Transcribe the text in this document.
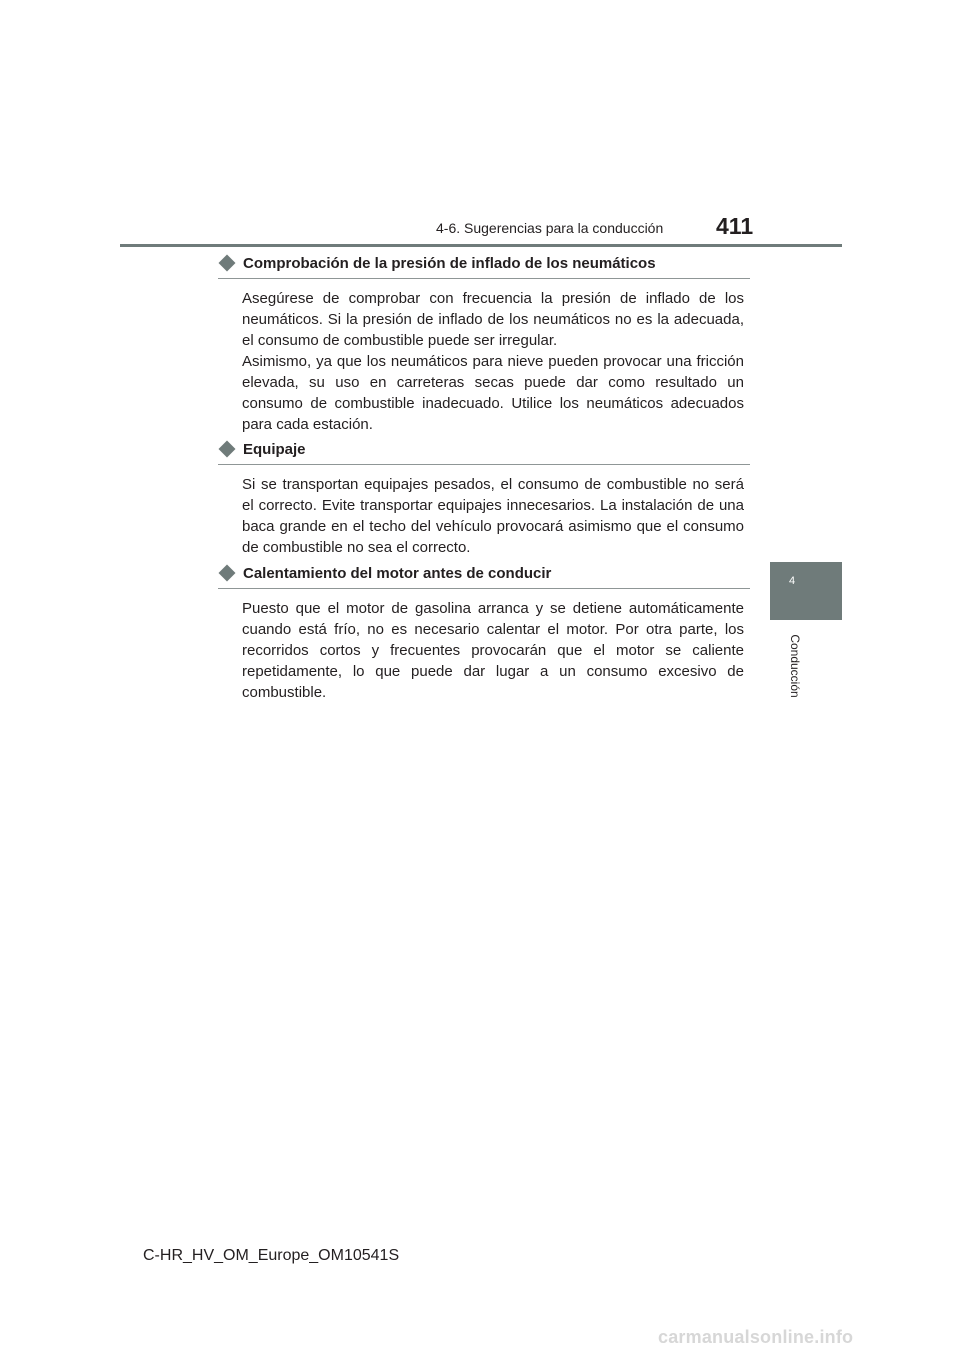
4-6. Sugerencias para la conducción 411
4
Conducción
Comprobación de la presión de inflado de los neumáticos
Asegúrese de comprobar con frecuencia la presión de inflado de los neumáticos. Si la presión de inflado de los neumáticos no es la adecuada, el consumo de combustible puede ser irregular.
Asimismo, ya que los neumáticos para nieve pueden provocar una fricción elevada, su uso en carreteras secas puede dar como resultado un consumo de combustible inadecuado. Utilice los neumáticos adecuados para cada estación.
Equipaje
Si se transportan equipajes pesados, el consumo de combustible no será el correcto. Evite transportar equipajes innecesarios. La instalación de una baca grande en el techo del vehículo provocará asimismo que el consumo de combustible no sea el correcto.
Calentamiento del motor antes de conducir
Puesto que el motor de gasolina arranca y se detiene automáticamente cuando está frío, no es necesario calentar el motor. Por otra parte, los recorridos cortos y frecuentes provocarán que el motor se caliente repetidamente, lo que puede dar lugar a un consumo excesivo de combustible.
C-HR_HV_OM_Europe_OM10541S
carmanualsonline.info
